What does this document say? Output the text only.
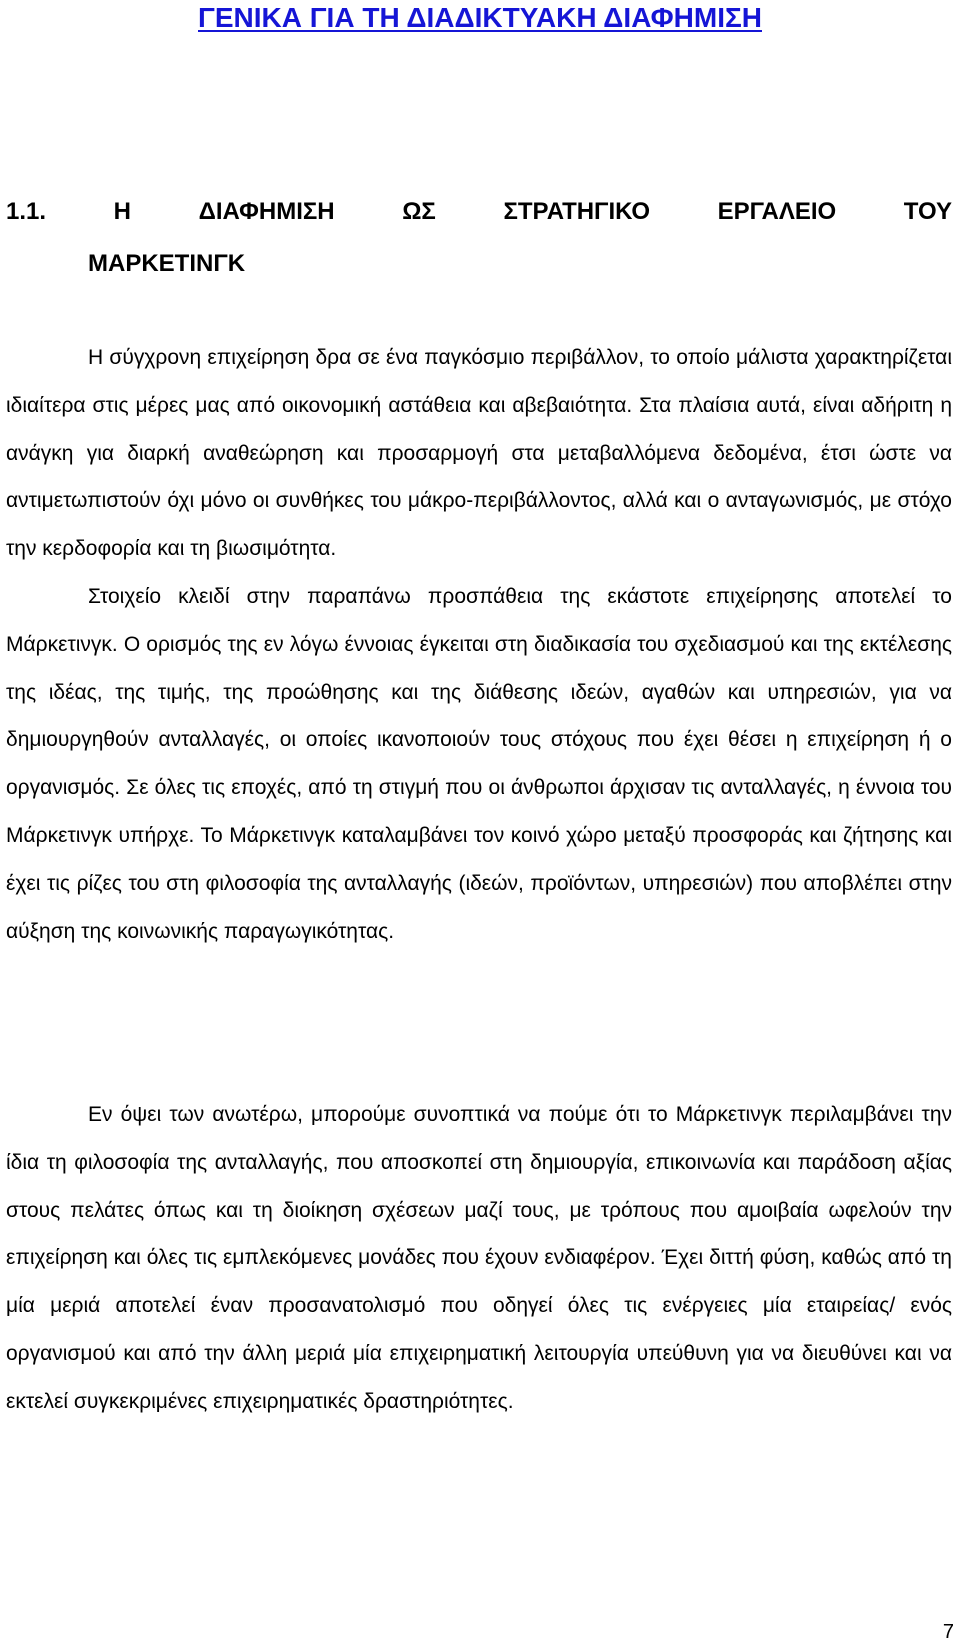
ΓΕΝΙΚΑ ΓΙΑ ΤΗ ΔΙΑΔΙΚΤΥΑΚΗ ΔΙΑΦΗΜΙΣΗ
1.1.	Η	ΔΙΑΦΗΜΙΣΗ	ΩΣ	ΣΤΡΑΤΗΓΙΚΟ	ΕΡΓΑΛΕΙΟ	ΤΟΥ
ΜΑΡΚΕΤΙΝΓΚ

Η σύγχρονη επιχείρηση δρα σε ένα παγκόσμιο περιβάλλον, το οποίο μάλιστα χαρακτηρίζεται ιδιαίτερα στις μέρες μας από οικονομική αστάθεια και αβεβαιότητα. Στα πλαίσια αυτά, είναι αδήριτη η ανάγκη για διαρκή αναθεώρηση και προσαρμογή στα μεταβαλλόμενα δεδομένα, έτσι ώστε να αντιμετωπιστούν όχι μόνο οι συνθήκες του μάκρο-περιβάλλοντος, αλλά και ο ανταγωνισμός, με στόχο την κερδοφορία και τη βιωσιμότητα.

Στοιχείο κλειδί στην παραπάνω προσπάθεια της εκάστοτε επιχείρησης αποτελεί το Μάρκετινγκ. Ο ορισμός της εν λόγω έννοιας έγκειται στη διαδικασία του σχεδιασμού και της εκτέλεσης της ιδέας, της τιμής, της προώθησης και της διάθεσης ιδεών, αγαθών και υπηρεσιών, για να δημιουργηθούν ανταλλαγές, οι οποίες ικανοποιούν τους στόχους που έχει θέσει η επιχείρηση ή ο οργανισμός. Σε όλες τις εποχές, από τη στιγμή που οι άνθρωποι άρχισαν τις ανταλλαγές, η έννοια του Μάρκετινγκ υπήρχε. Το Μάρκετινγκ καταλαμβάνει τον κοινό χώρο μεταξύ προσφοράς και ζήτησης και έχει τις ρίζες του στη φιλοσοφία της ανταλλαγής (ιδεών, προϊόντων, υπηρεσιών) που αποβλέπει στην αύξηση της κοινωνικής παραγωγικότητας.

Εν όψει των ανωτέρω, μπορούμε συνοπτικά να πούμε ότι το Μάρκετινγκ περιλαμβάνει την ίδια τη φιλοσοφία της ανταλλαγής, που αποσκοπεί στη δημιουργία, επικοινωνία και παράδοση αξίας στους πελάτες όπως και τη διοίκηση σχέσεων μαζί τους, με τρόπους που αμοιβαία ωφελούν την επιχείρηση και όλες τις εμπλεκόμενες μονάδες που έχουν ενδιαφέρον. Έχει διττή φύση, καθώς από τη μία μεριά αποτελεί έναν προσανατολισμό που οδηγεί όλες τις ενέργειες μία εταιρείας/ ενός οργανισμού και από την άλλη μεριά μία επιχειρηματική λειτουργία υπεύθυνη για να διευθύνει και να εκτελεί συγκεκριμένες επιχειρηματικές δραστηριότητες.

7
